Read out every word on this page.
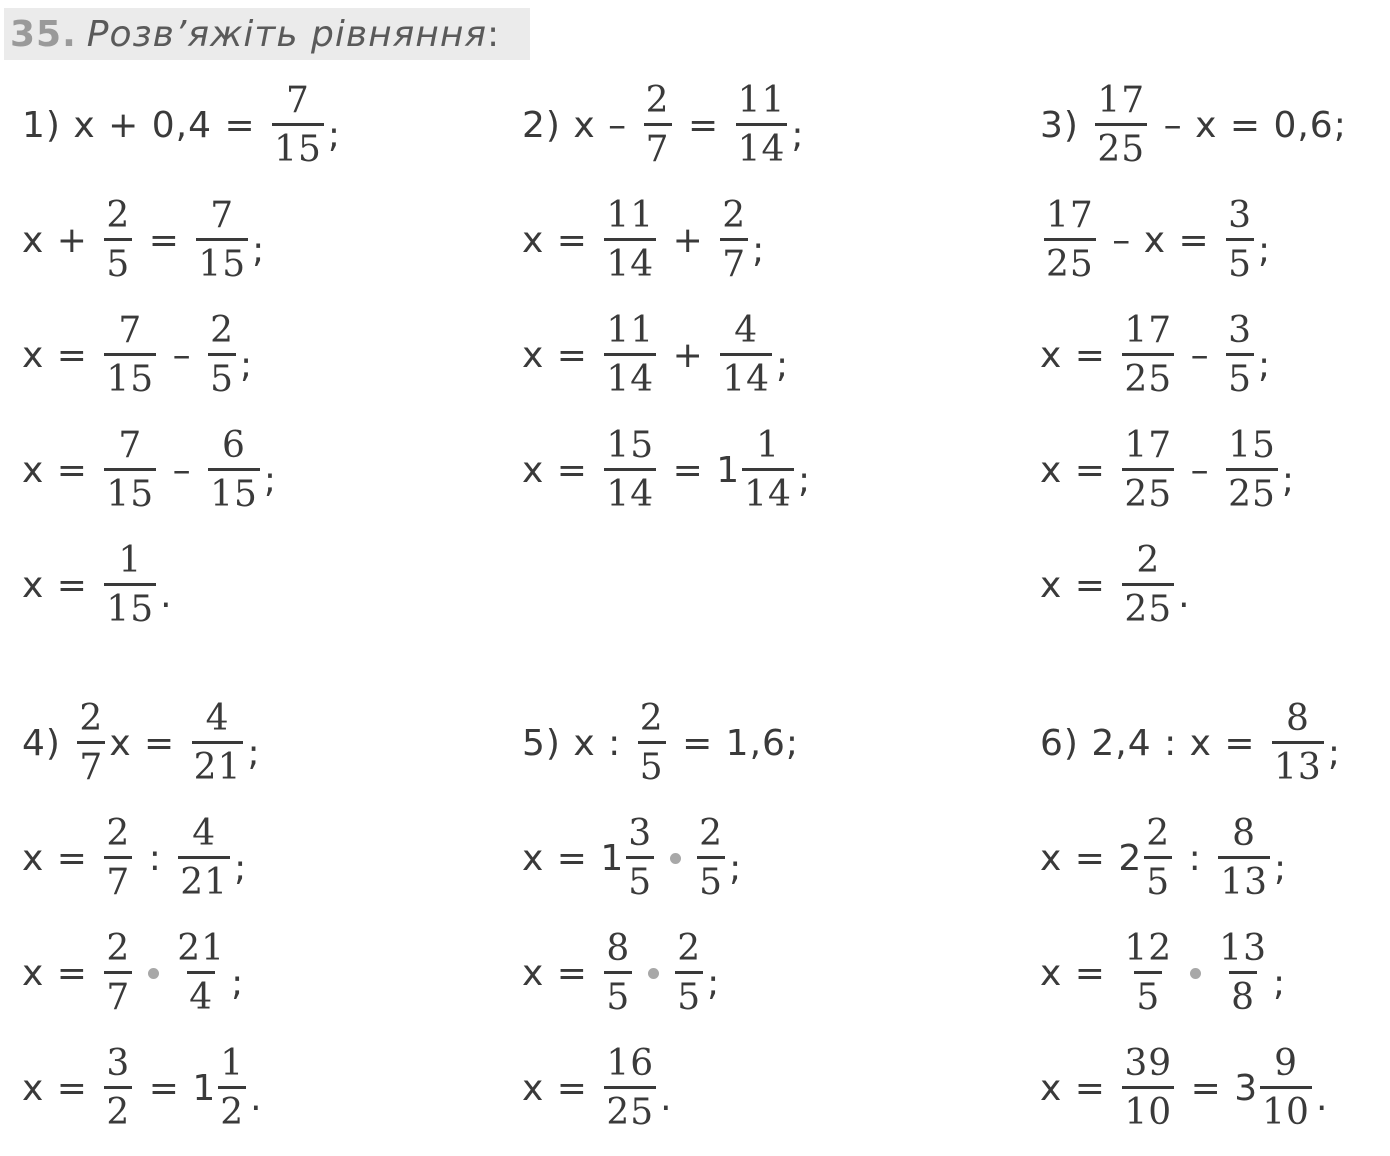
35. Розв’яжіть рівняння :
1) $x + 0,4 = \frac{7}{15}$ ;
$x + \frac{2}{5} = \frac{7}{15}$ ;
$x = \frac{7}{15} - \frac{2}{5}$ ;
$x = \frac{7}{15} - \frac{6}{15}$ ;
$x = \frac{1}{15}$ .
2) $x - \frac{2}{7} = \frac{11}{14}$ ;
$x = \frac{11}{14} + \frac{2}{7}$ ;
$x = \frac{11}{14} + \frac{4}{14}$ ;
$x = \frac{15}{14} = 1 \frac{1}{14}$ ;
$3) \frac{17}{25} - x = 0,6$;
$\frac{17}{25} - x = \frac{3}{5}$ ;
$x = \frac{17}{25} - \frac{3}{5}$ ;
$x = \frac{17}{25} - \frac{15}{25}$ ;
$x = \frac{2}{25}$ .
$4) \frac{2}{7}$ $x = \frac{4}{21}$ ;
$x = \frac{2}{7}$ : $\frac{4}{21}$ ;
$x = \frac{2}{7} \frac{21}{4}$ ;
$x = \frac{3}{2} = 1 \frac{1}{2}$ .
5) x : $\frac{2}{5} = 1,6$;
$x = 1 \frac{3}{5} \frac{2}{5}$ ;
$x = \frac{8}{5} \frac{2}{5}$ ;
$x = \frac{16}{25}$ .
6) 2,4 : $x = \frac{8}{13}$ ;
$x = 2 \frac{2}{5}$ : $\frac{8}{13}$ ;
$x = \frac{12}{5} \frac{13}{8}$ ;
$x = \frac{39}{10} = 3 \frac{9}{10}$ .
